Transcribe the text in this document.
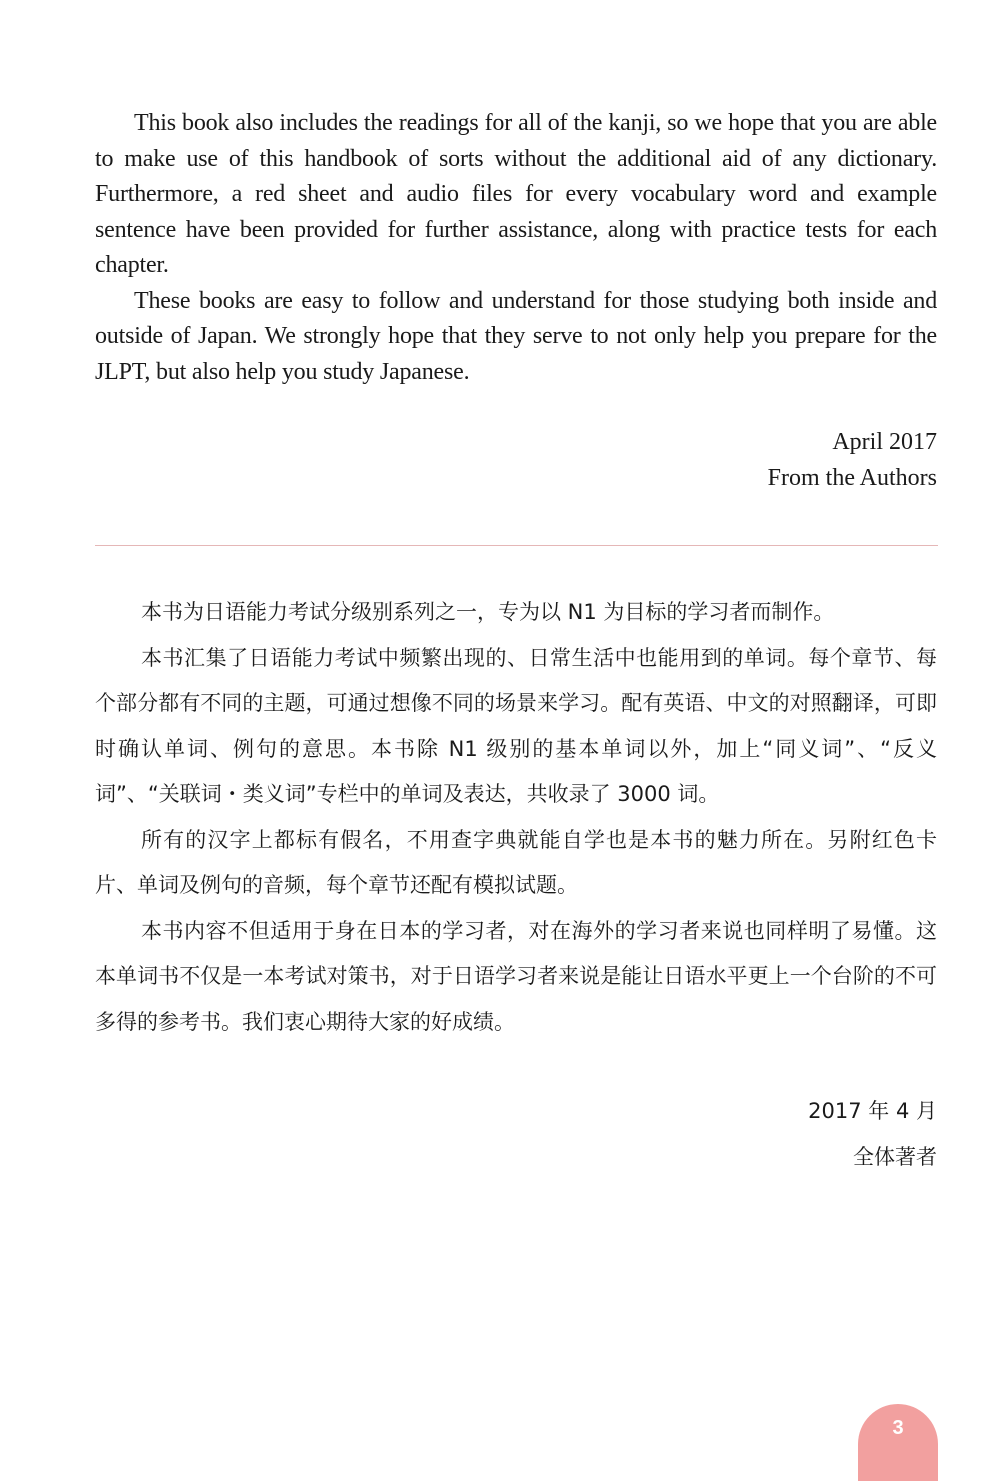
This book also includes the readings for all of the kanji, so we hope that you are able to make use of this handbook of sorts without the additional aid of any dictionary. Furthermore, a red sheet and audio files for every vocabulary word and example sentence have been provided for further assistance, along with practice tests for each chapter.

These books are easy to follow and understand for those studying both inside and outside of Japan. We strongly hope that they serve to not only help you prepare for the JLPT, but also help you study Japanese.

April 2017
From the Authors

本书为日语能力考试分级别系列之一，专为以 N1 为目标的学习者而制作。

本书汇集了日语能力考试中频繁出现的、日常生活中也能用到的单词。每个章节、每个部分都有不同的主题，可通过想像不同的场景来学习。配有英语、中文的对照翻译，可即时确认单词、例句的意思。本书除 N1 级别的基本单词以外，加上“同义词”、“反义词”、“关联词・类义词”专栏中的单词及表达，共收录了 3000 词。

所有的汉字上都标有假名，不用查字典就能自学也是本书的魅力所在。另附红色卡片、单词及例句的音频，每个章节还配有模拟试题。

本书内容不但适用于身在日本的学习者，对在海外的学习者来说也同样明了易懂。这本单词书不仅是一本考试对策书，对于日语学习者来说是能让日语水平更上一个台阶的不可多得的参考书。我们衷心期待大家的好成绩。

2017 年 4 月
全体著者
3
